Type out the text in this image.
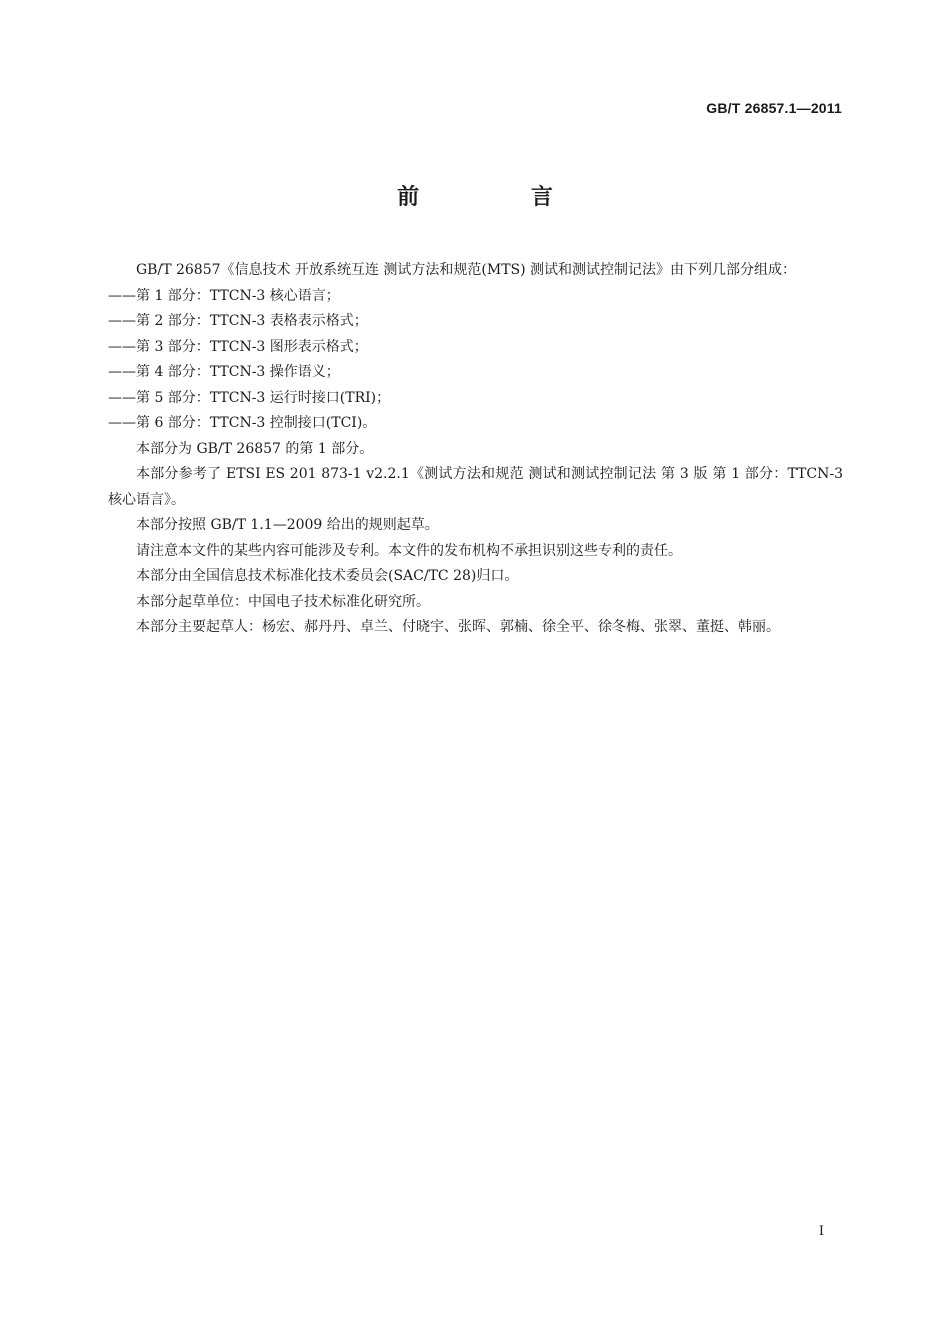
GB/T 26857.1—2011
前 言

GB/T 26857《信息技术 开放系统互连 测试方法和规范(MTS) 测试和测试控制记法》由下列几部分组成：

——第 1 部分：TTCN-3 核心语言；

——第 2 部分：TTCN-3 表格表示格式；

——第 3 部分：TTCN-3 图形表示格式；

——第 4 部分：TTCN-3 操作语义；

——第 5 部分：TTCN-3 运行时接口(TRI)；

——第 6 部分：TTCN-3 控制接口(TCI)。

本部分为 GB/T 26857 的第 1 部分。

本部分参考了 ETSI ES 201 873-1 v2.2.1《测试方法和规范 测试和测试控制记法 第 3 版 第 1 部分：TTCN-3 核心语言》。

本部分按照 GB/T 1.1—2009 给出的规则起草。

请注意本文件的某些内容可能涉及专利。本文件的发布机构不承担识别这些专利的责任。

本部分由全国信息技术标准化技术委员会(SAC/TC 28)归口。

本部分起草单位：中国电子技术标准化研究所。

本部分主要起草人：杨宏、郝丹丹、卓兰、付晓宇、张晖、郭楠、徐全平、徐冬梅、张翠、董挺、韩丽。

I
